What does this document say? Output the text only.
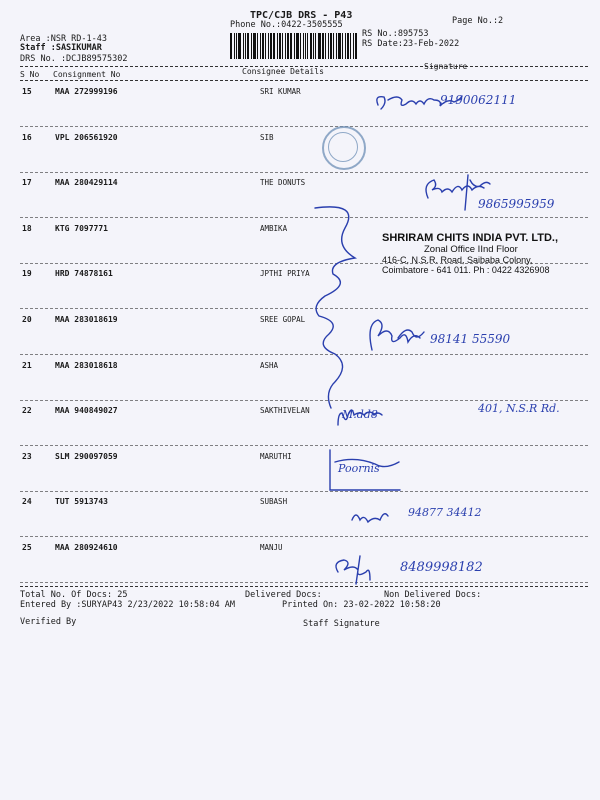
TPC/CJB DRS - P43
Phone No.:0422-3505555	Page No.:2
RS No.:895753
RS Date:23-Feb-2022
Area :NSR RD-1-43
Staff :SASIKUMAR
DRS No. :DCJB89575302
S No Consignment No	Consignee Details
Signature
15	MAA 272999196	SRI KUMAR
16	VPL 206561920	SIB
17	MAA 280429114	THE DONUTS
18	KTG 7097771	AMBIKA
19	HRD 74878161	JPTHI PRIYA
20	MAA 283018619	SREE GOPAL
21	MAA 283018618	ASHA
22	MAA 940849027	SAKTHIVELAN
23	SLM 290097059	MARUTHI
24	TUT 5913743	SUBASH
25	MAA 280924610	MANJU
SHRIRAM CHITS INDIA PVT. LTD.,
Zonal Office IInd Floor
416-C, N.S.R. Road, Saibaba Colony,
Coimbatore - 641 011. Ph : 0422 4326908
9190062111
9865995959
98141 55590
M.dd8	401, N.S.R Rd.
Poornis
94877 34412
8489998182
Total No. Of Docs: 25	Delivered Docs:	Non Delivered Docs:
Entered By :SURYAP43 2/23/2022 10:58:04 AM	Printed On: 23-02-2022 10:58:20
Verified By	Staff Signature
